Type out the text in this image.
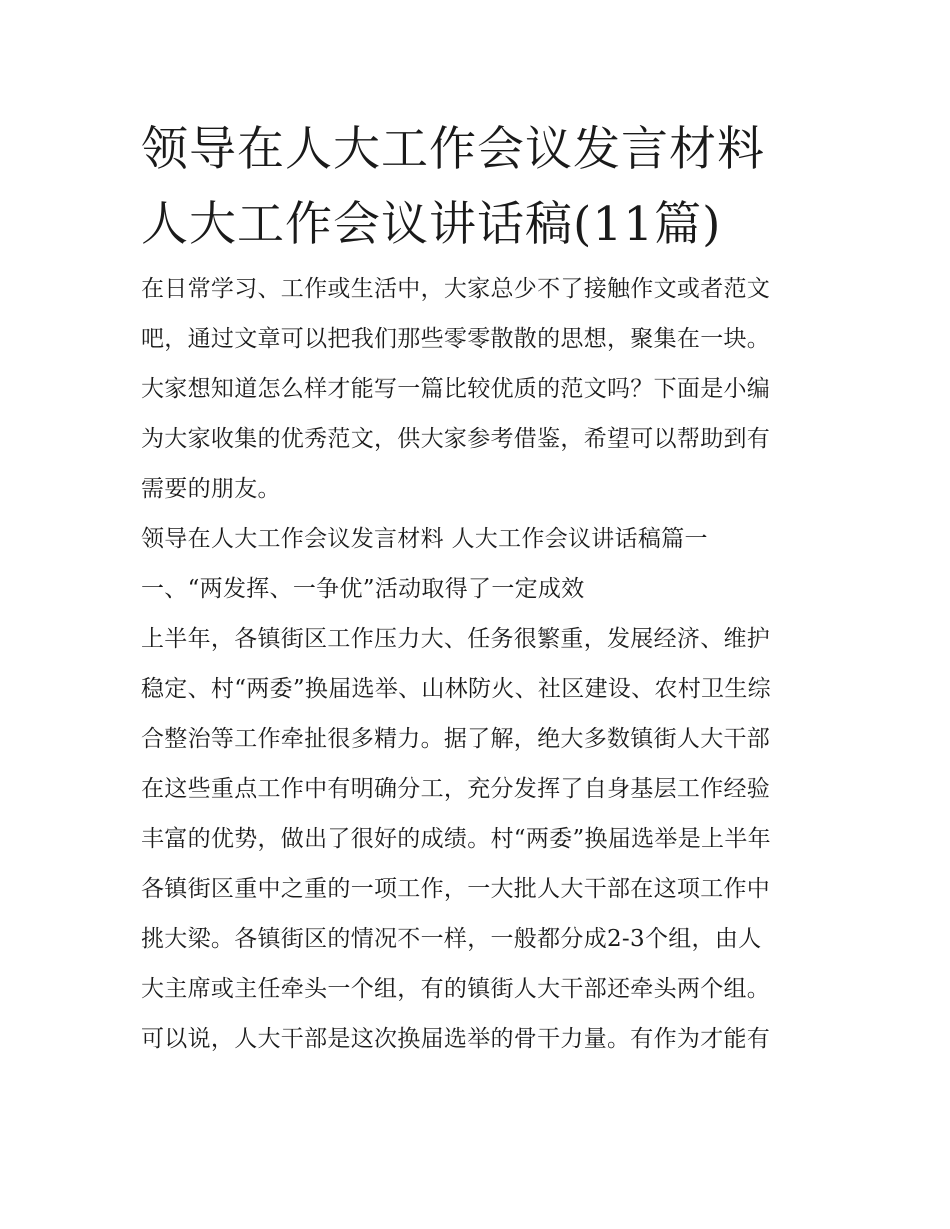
领导在人大工作会议发言材料
人大工作会议讲话稿(11篇)

在日常学习、工作或生活中，大家总少不了接触作文或者范文
吧，通过文章可以把我们那些零零散散的思想，聚集在一块。
大家想知道怎么样才能写一篇比较优质的范文吗？下面是小编
为大家收集的优秀范文，供大家参考借鉴，希望可以帮助到有
需要的朋友。

领导在人大工作会议发言材料 人大工作会议讲话稿篇一

一、“两发挥、一争优”活动取得了一定成效

上半年，各镇街区工作压力大、任务很繁重，发展经济、维护
稳定、村“两委”换届选举、山林防火、社区建设、农村卫生综
合整治等工作牵扯很多精力。据了解，绝大多数镇街人大干部
在这些重点工作中有明确分工，充分发挥了自身基层工作经验
丰富的优势，做出了很好的成绩。村“两委”换届选举是上半年
各镇街区重中之重的一项工作，一大批人大干部在这项工作中
挑大梁。各镇街区的情况不一样，一般都分成2-3个组，由人
大主席或主任牵头一个组，有的镇街人大干部还牵头两个组。
可以说，人大干部是这次换届选举的骨干力量。有作为才能有
